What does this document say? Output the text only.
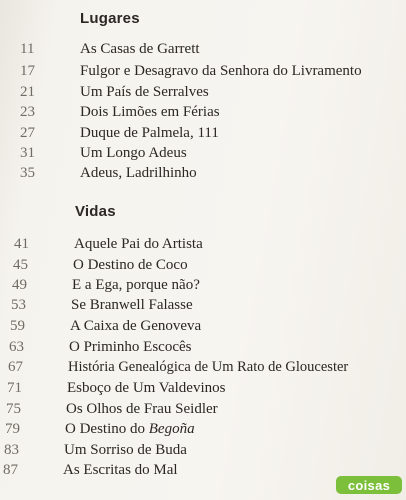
Lugares
11	As Casas de Garrett
17	Fulgor e Desagravo da Senhora do Livramento
21	Um País de Serralves
23	Dois Limões em Férias
27	Duque de Palmela, 111
31	Um Longo Adeus
35	Adeus, Ladrilhinho
Vidas
41	Aquele Pai do Artista
45	O Destino de Coco
49	E a Ega, porque não?
53	Se Branwell Falasse
59	A Caixa de Genoveva
63	O Priminho Escocês
67	História Genealógica de Um Rato de Gloucester
71	Esboço de Um Valdevinos
75	Os Olhos de Frau Seidler
79	O Destino do Begoña
83	Um Sorriso de Buda
87	As Escritas do Mal
coisas
